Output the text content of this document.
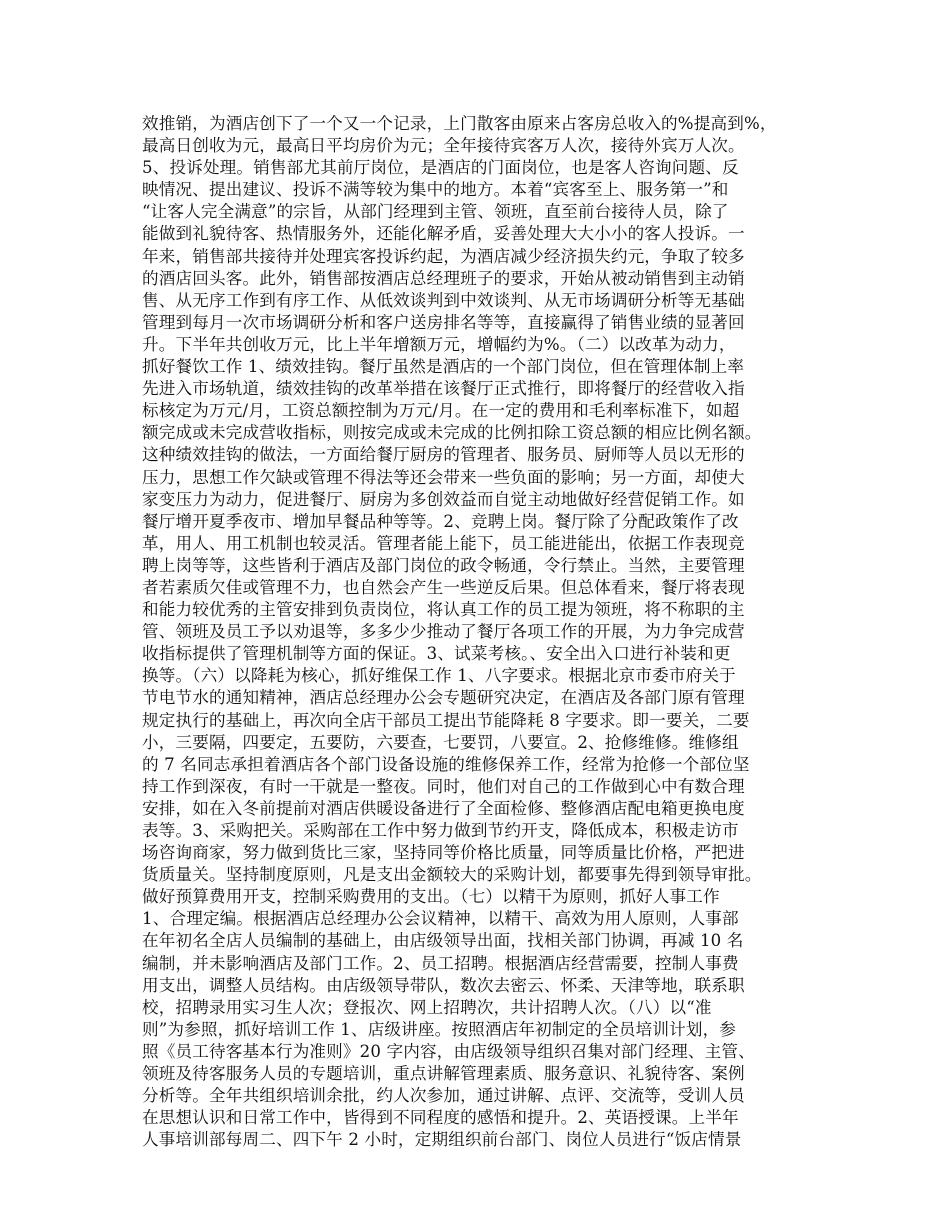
效推销，为酒店创下了一个又一个记录，上门散客由原来占客房总收入的%提高到%，
最高日创收为元，最高日平均房价为元；全年接待宾客万人次，接待外宾万人次。
5、投诉处理。销售部尤其前厅岗位，是酒店的门面岗位，也是客人咨询问题、反
映情况、提出建议、投诉不满等较为集中的地方。本着“宾客至上、服务第一”和
“让客人完全满意”的宗旨，从部门经理到主管、领班，直至前台接待人员，除了
能做到礼貌待客、热情服务外，还能化解矛盾，妥善处理大大小小的客人投诉。一
年来，销售部共接待并处理宾客投诉约起，为酒店减少经济损失约元，争取了较多
的酒店回头客。此外，销售部按酒店总经理班子的要求，开始从被动销售到主动销
售、从无序工作到有序工作、从低效谈判到中效谈判、从无市场调研分析等无基础
管理到每月一次市场调研分析和客户送房排名等等，直接赢得了销售业绩的显著回
升。下半年共创收万元，比上半年增额万元，增幅约为%。（二）以改革为动力，
抓好餐饮工作 1、绩效挂钩。餐厅虽然是酒店的一个部门岗位，但在管理体制上率
先进入市场轨道，绩效挂钩的改革举措在该餐厅正式推行，即将餐厅的经营收入指
标核定为万元/月，工资总额控制为万元/月。在一定的费用和毛利率标准下，如超
额完成或未完成营收指标，则按完成或未完成的比例扣除工资总额的相应比例名额。
这种绩效挂钩的做法，一方面给餐厅厨房的管理者、服务员、厨师等人员以无形的
压力，思想工作欠缺或管理不得法等还会带来一些负面的影响；另一方面，却使大
家变压力为动力，促进餐厅、厨房为多创效益而自觉主动地做好经营促销工作。如
餐厅增开夏季夜市、增加早餐品种等等。2、竞聘上岗。餐厅除了分配政策作了改
革，用人、用工机制也较灵活。管理者能上能下，员工能进能出，依据工作表现竞
聘上岗等等，这些皆利于酒店及部门岗位的政令畅通，令行禁止。当然，主要管理
者若素质欠佳或管理不力，也自然会产生一些逆反后果。但总体看来，餐厅将表现
和能力较优秀的主管安排到负责岗位，将认真工作的员工提为领班，将不称职的主
管、领班及员工予以劝退等，多多少少推动了餐厅各项工作的开展，为力争完成营
收指标提供了管理机制等方面的保证。3、试菜考核。、安全出入口进行补装和更
换等。（六）以降耗为核心，抓好维保工作 1、八字要求。根据北京市委市府关于
节电节水的通知精神，酒店总经理办公会专题研究决定，在酒店及各部门原有管理
规定执行的基础上，再次向全店干部员工提出节能降耗 8 字要求。即一要关，二要
小，三要隔，四要定，五要防，六要查，七要罚，八要宣。2、抢修维修。维修组
的 7 名同志承担着酒店各个部门设备设施的维修保养工作，经常为抢修一个部位坚
持工作到深夜，有时一干就是一整夜。同时，他们对自己的工作做到心中有数合理
安排，如在入冬前提前对酒店供暖设备进行了全面检修、整修酒店配电箱更换电度
表等。3、采购把关。采购部在工作中努力做到节约开支，降低成本，积极走访市
场咨询商家，努力做到货比三家，坚持同等价格比质量，同等质量比价格，严把进
货质量关。坚持制度原则，凡是支出金额较大的采购计划，都要事先得到领导审批。
做好预算费用开支，控制采购费用的支出。（七）以精干为原则，抓好人事工作
1、合理定编。根据酒店总经理办公会议精神，以精干、高效为用人原则，人事部
在年初名全店人员编制的基础上，由店级领导出面，找相关部门协调，再减 10 名
编制，并未影响酒店及部门工作。2、员工招聘。根据酒店经营需要，控制人事费
用支出，调整人员结构。由店级领导带队，数次去密云、怀柔、天津等地，联系职
校，招聘录用实习生人次；登报次、网上招聘次，共计招聘人次。（八）以“准
则”为参照，抓好培训工作 1、店级讲座。按照酒店年初制定的全员培训计划，参
照《员工待客基本行为准则》20 字内容，由店级领导组织召集对部门经理、主管、
领班及待客服务人员的专题培训，重点讲解管理素质、服务意识、礼貌待客、案例
分析等。全年共组织培训余批，约人次参加，通过讲解、点评、交流等，受训人员
在思想认识和日常工作中，皆得到不同程度的感悟和提升。2、英语授课。上半年
人事培训部每周二、四下午 2 小时，定期组织前台部门、岗位人员进行“饭店情景
